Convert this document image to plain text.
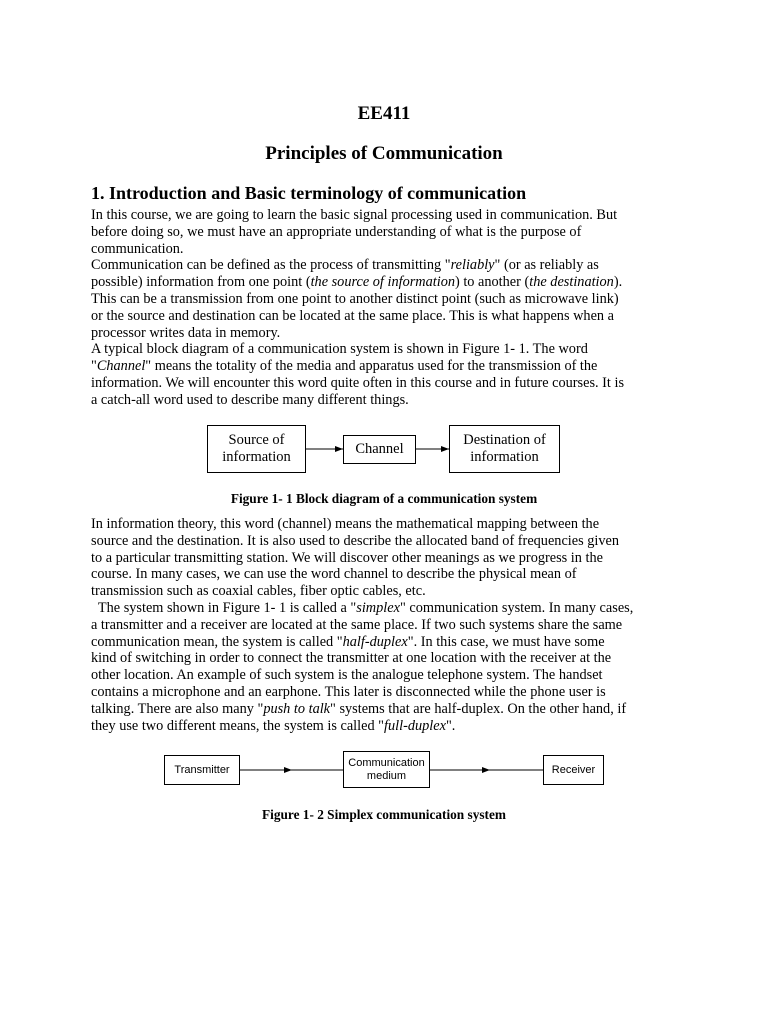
EE411
Principles of Communication
1. Introduction and Basic terminology of communication
In this course, we are going to learn the basic signal processing used in communication. But
before doing so, we must have an appropriate understanding of what is the purpose of
communication.
Communication can be defined as the process of transmitting "reliably" (or as reliably as
possible) information from one point (the source of information) to another (the destination).
This can be a transmission from one point to another distinct point (such as microwave link)
or the source and destination can be located at the same place. This is what happens when a
processor writes data in memory.
A typical block diagram of a communication system is shown in Figure 1- 1. The word
"Channel" means the totality of the media and apparatus used for the transmission of the
information. We will encounter this word quite often in this course and in future courses. It is
a catch-all word used to describe many different things.
Source of
information	Channel
Destination of
information
Figure 1- 1 Block diagram of a communication system
In information theory, this word (channel) means the mathematical mapping between the
source and the destination. It is also used to describe the allocated band of frequencies given
to a particular transmitting station. We will discover other meanings as we progress in the
course. In many cases, we can use the word channel to describe the physical mean of
transmission such as coaxial cables, fiber optic cables, etc.
The system shown in Figure 1- 1 is called a "simplex" communication system. In many cases,
a transmitter and a receiver are located at the same place. If two such systems share the same
communication mean, the system is called "half-duplex". In this case, we must have some
kind of switching in order to connect the transmitter at one location with the receiver at the
other location. An example of such system is the analogue telephone system. The handset
contains a microphone and an earphone. This later is disconnected while the phone user is
talking. There are also many "push to talk" systems that are half-duplex. On the other hand, if
they use two different means, the system is called "full-duplex".
Transmitter
Communication
medium	Receiver
Figure 1- 2 Simplex communication system
